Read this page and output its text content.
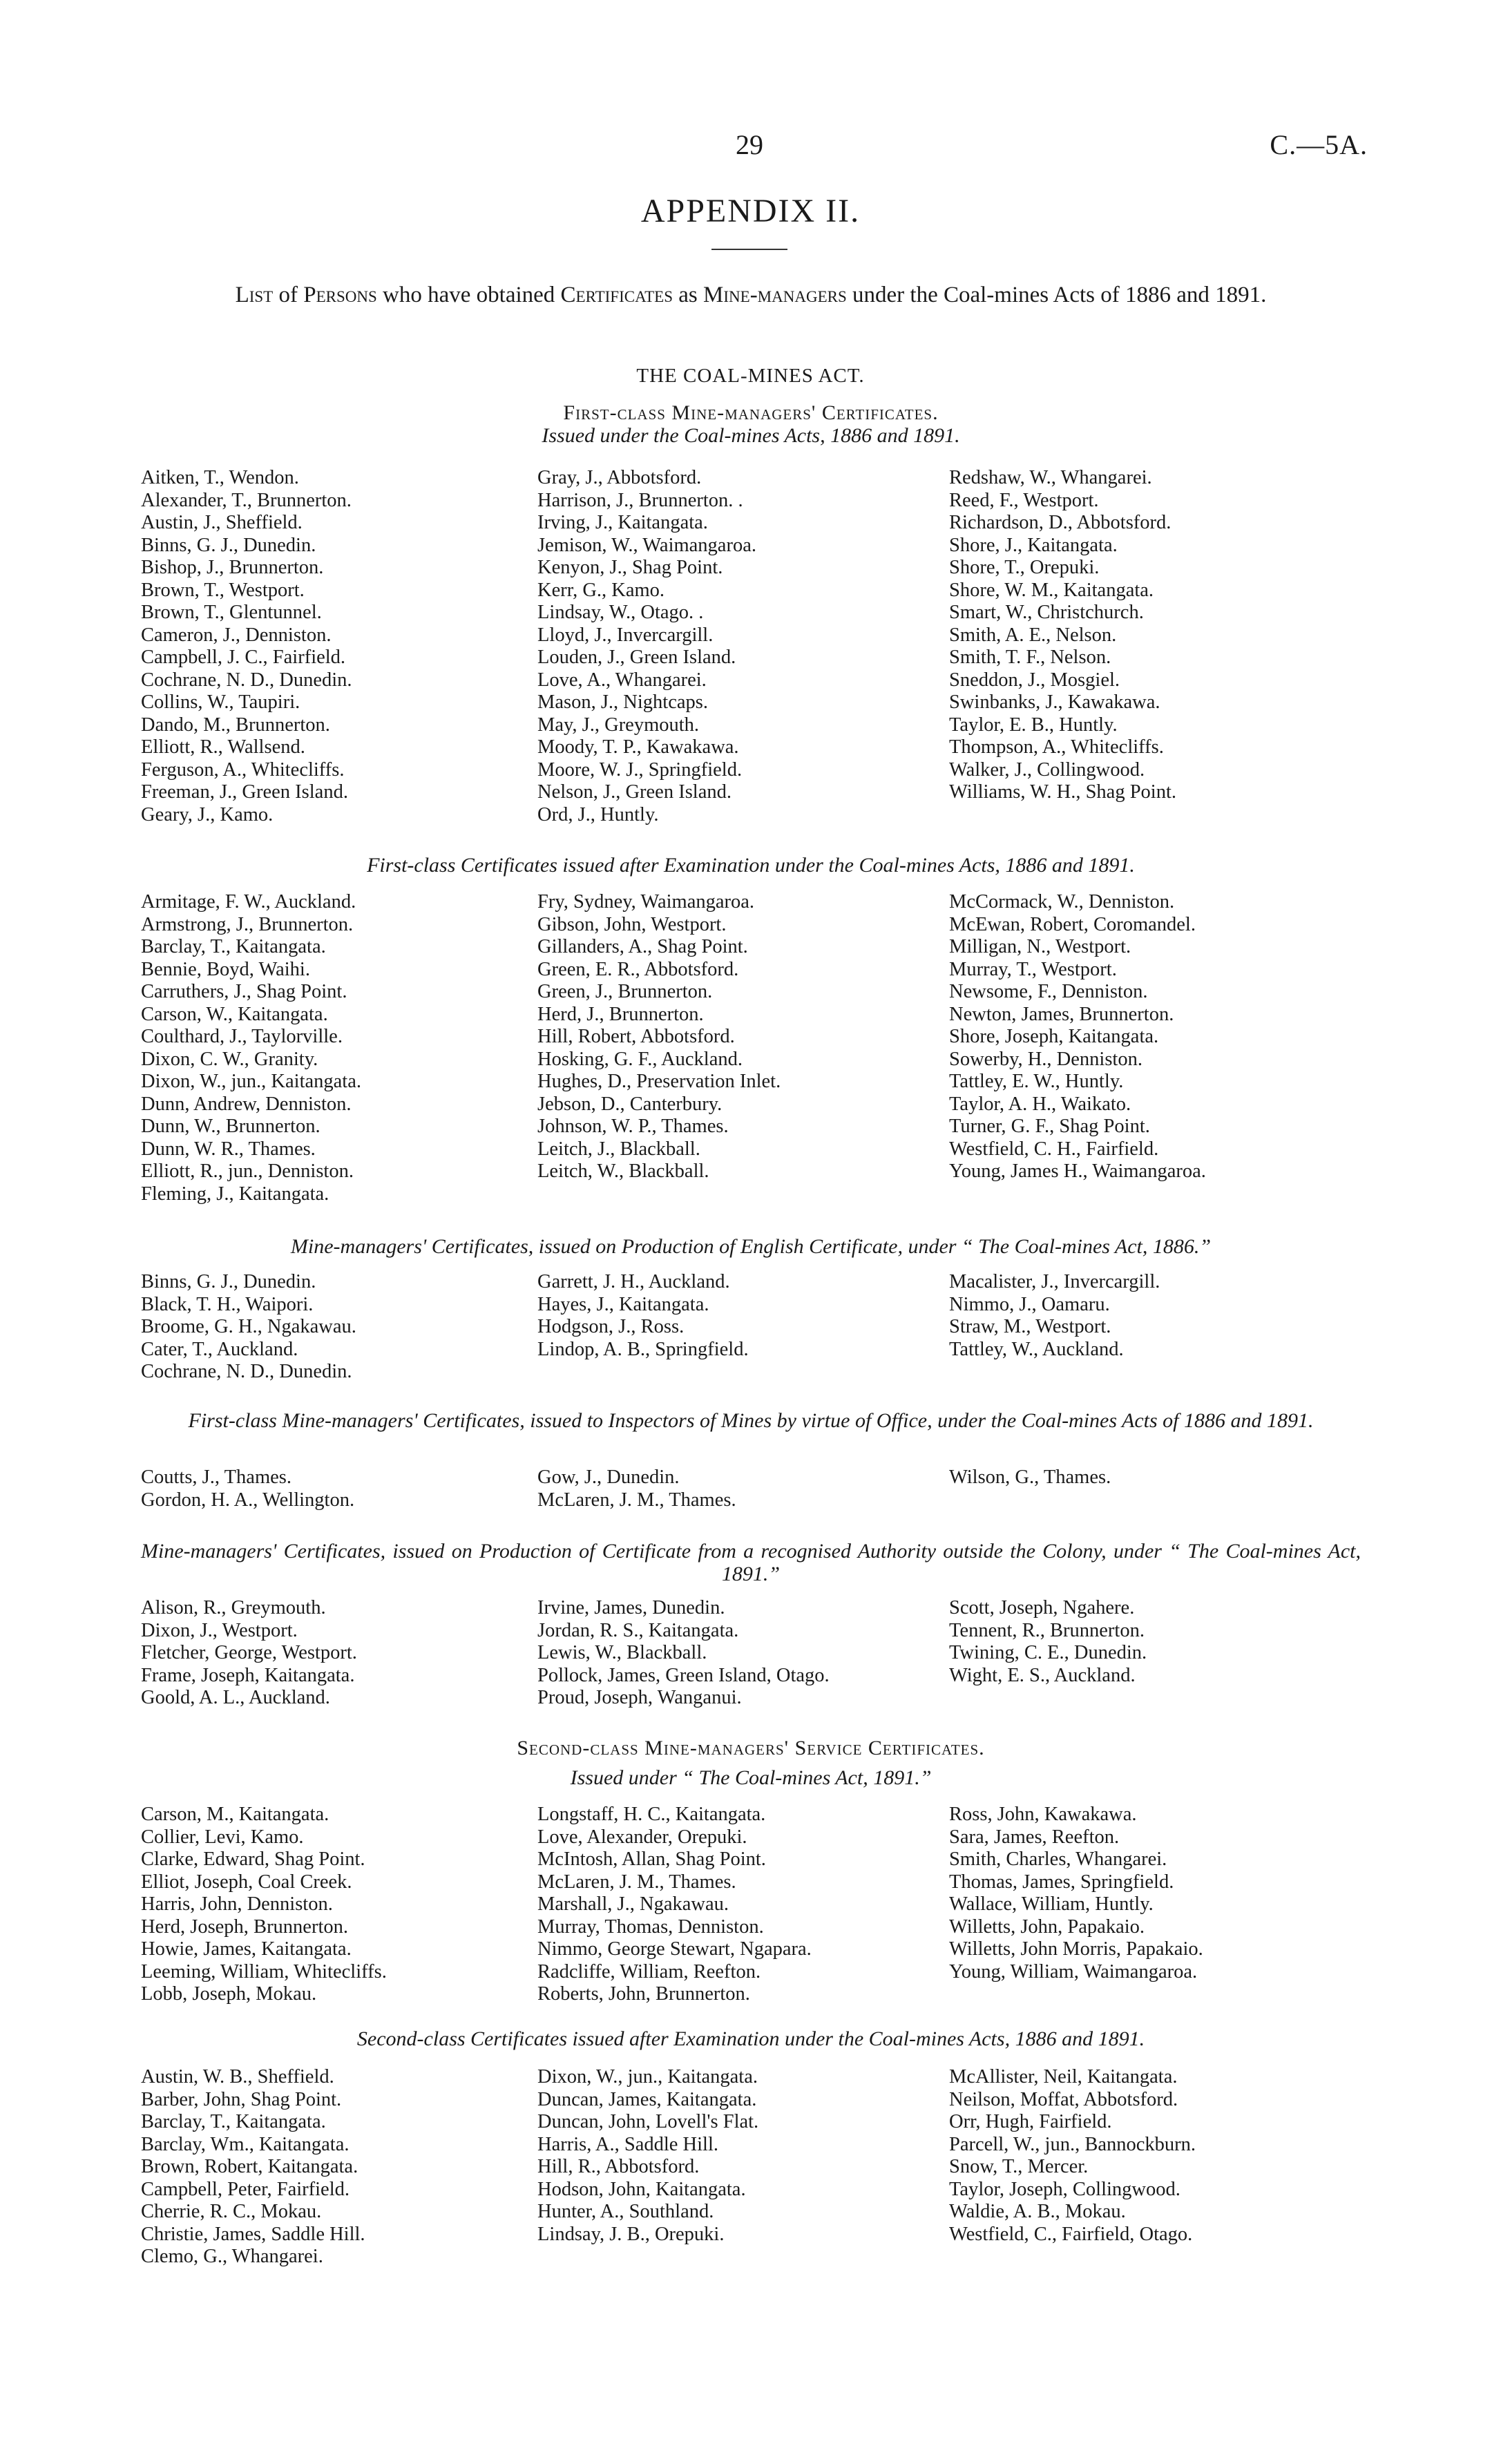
29	C.—5A.
APPENDIX II.
List of Persons who have obtained Certificates as Mine-managers under the Coal-mines Acts of 1886 and 1891.
THE COAL-MINES ACT.
First-class Mine-managers' Certificates.
Issued under the Coal-mines Acts, 1886 and 1891.
Aitken, T., Wendon.
Alexander, T., Brunnerton.
Austin, J., Sheffield.
Binns, G. J., Dunedin.
Bishop, J., Brunnerton.
Brown, T., Westport.
Brown, T., Glentunnel.
Cameron, J., Denniston.
Campbell, J. C., Fairfield.
Cochrane, N. D., Dunedin.
Collins, W., Taupiri.
Dando, M., Brunnerton.
Elliott, R., Wallsend.
Ferguson, A., Whitecliffs.
Freeman, J., Green Island.
Geary, J., Kamo.
Gray, J., Abbotsford.
Harrison, J., Brunnerton. .
Irving, J., Kaitangata.
Jemison, W., Waimangaroa.
Kenyon, J., Shag Point.
Kerr, G., Kamo.
Lindsay, W., Otago. .
Lloyd, J., Invercargill.
Louden, J., Green Island.
Love, A., Whangarei.
Mason, J., Nightcaps.
May, J., Greymouth.
Moody, T. P., Kawakawa.
Moore, W. J., Springfield.
Nelson, J., Green Island.
Ord, J., Huntly.
Redshaw, W., Whangarei.
Reed, F., Westport.
Richardson, D., Abbotsford.
Shore, J., Kaitangata.
Shore, T., Orepuki.
Shore, W. M., Kaitangata.
Smart, W., Christchurch.
Smith, A. E., Nelson.
Smith, T. F., Nelson.
Sneddon, J., Mosgiel.
Swinbanks, J., Kawakawa.
Taylor, E. B., Huntly.
Thompson, A., Whitecliffs.
Walker, J., Collingwood.
Williams, W. H., Shag Point.
First-class Certificates issued after Examination under the Coal-mines Acts, 1886 and 1891.
Armitage, F. W., Auckland.
Armstrong, J., Brunnerton.
Barclay, T., Kaitangata.
Bennie, Boyd, Waihi.
Carruthers, J., Shag Point.
Carson, W., Kaitangata.
Coulthard, J., Taylorville.
Dixon, C. W., Granity.
Dixon, W., jun., Kaitangata.
Dunn, Andrew, Denniston.
Dunn, W., Brunnerton.
Dunn, W. R., Thames.
Elliott, R., jun., Denniston.
Fleming, J., Kaitangata.
Fry, Sydney, Waimangaroa.
Gibson, John, Westport.
Gillanders, A., Shag Point.
Green, E. R., Abbotsford.
Green, J., Brunnerton.
Herd, J., Brunnerton.
Hill, Robert, Abbotsford.
Hosking, G. F., Auckland.
Hughes, D., Preservation Inlet.
Jebson, D., Canterbury.
Johnson, W. P., Thames.
Leitch, J., Blackball.
Leitch, W., Blackball.
McCormack, W., Denniston.
McEwan, Robert, Coromandel.
Milligan, N., Westport.
Murray, T., Westport.
Newsome, F., Denniston.
Newton, James, Brunnerton.
Shore, Joseph, Kaitangata.
Sowerby, H., Denniston.
Tattley, E. W., Huntly.
Taylor, A. H., Waikato.
Turner, G. F., Shag Point.
Westfield, C. H., Fairfield.
Young, James H., Waimangaroa.
Mine-managers' Certificates, issued on Production of English Certificate, under “ The Coal-mines Act, 1886.”
Binns, G. J., Dunedin.
Black, T. H., Waipori.
Broome, G. H., Ngakawau.
Cater, T., Auckland.
Cochrane, N. D., Dunedin.
Garrett, J. H., Auckland.
Hayes, J., Kaitangata.
Hodgson, J., Ross.
Lindop, A. B., Springfield.
Macalister, J., Invercargill.
Nimmo, J., Oamaru.
Straw, M., Westport.
Tattley, W., Auckland.
First-class Mine-managers' Certificates, issued to Inspectors of Mines by virtue of Office, under the Coal-mines Acts of 1886 and 1891.
Coutts, J., Thames.
Gordon, H. A., Wellington.
Gow, J., Dunedin.
McLaren, J. M., Thames.
Wilson, G., Thames.
Mine-managers' Certificates, issued on Production of Certificate from a recognised Authority outside the Colony, under “ The Coal-mines Act, 1891.”
Alison, R., Greymouth.
Dixon, J., Westport.
Fletcher, George, Westport.
Frame, Joseph, Kaitangata.
Goold, A. L., Auckland.
Irvine, James, Dunedin.
Jordan, R. S., Kaitangata.
Lewis, W., Blackball.
Pollock, James, Green Island, Otago.
Proud, Joseph, Wanganui.
Scott, Joseph, Ngahere.
Tennent, R., Brunnerton.
Twining, C. E., Dunedin.
Wight, E. S., Auckland.
Second-class Mine-managers' Service Certificates.
Issued under “ The Coal-mines Act, 1891.”
Carson, M., Kaitangata.
Collier, Levi, Kamo.
Clarke, Edward, Shag Point.
Elliot, Joseph, Coal Creek.
Harris, John, Denniston.
Herd, Joseph, Brunnerton.
Howie, James, Kaitangata.
Leeming, William, Whitecliffs.
Lobb, Joseph, Mokau.
Longstaff, H. C., Kaitangata.
Love, Alexander, Orepuki.
McIntosh, Allan, Shag Point.
McLaren, J. M., Thames.
Marshall, J., Ngakawau.
Murray, Thomas, Denniston.
Nimmo, George Stewart, Ngapara.
Radcliffe, William, Reefton.
Roberts, John, Brunnerton.
Ross, John, Kawakawa.
Sara, James, Reefton.
Smith, Charles, Whangarei.
Thomas, James, Springfield.
Wallace, William, Huntly.
Willetts, John, Papakaio.
Willetts, John Morris, Papakaio.
Young, William, Waimangaroa.
Second-class Certificates issued after Examination under the Coal-mines Acts, 1886 and 1891.
Austin, W. B., Sheffield.
Barber, John, Shag Point.
Barclay, T., Kaitangata.
Barclay, Wm., Kaitangata.
Brown, Robert, Kaitangata.
Campbell, Peter, Fairfield.
Cherrie, R. C., Mokau.
Christie, James, Saddle Hill.
Clemo, G., Whangarei.
Dixon, W., jun., Kaitangata.
Duncan, James, Kaitangata.
Duncan, John, Lovell's Flat.
Harris, A., Saddle Hill.
Hill, R., Abbotsford.
Hodson, John, Kaitangata.
Hunter, A., Southland.
Lindsay, J. B., Orepuki.
McAllister, Neil, Kaitangata.
Neilson, Moffat, Abbotsford.
Orr, Hugh, Fairfield.
Parcell, W., jun., Bannockburn.
Snow, T., Mercer.
Taylor, Joseph, Collingwood.
Waldie, A. B., Mokau.
Westfield, C., Fairfield, Otago.
